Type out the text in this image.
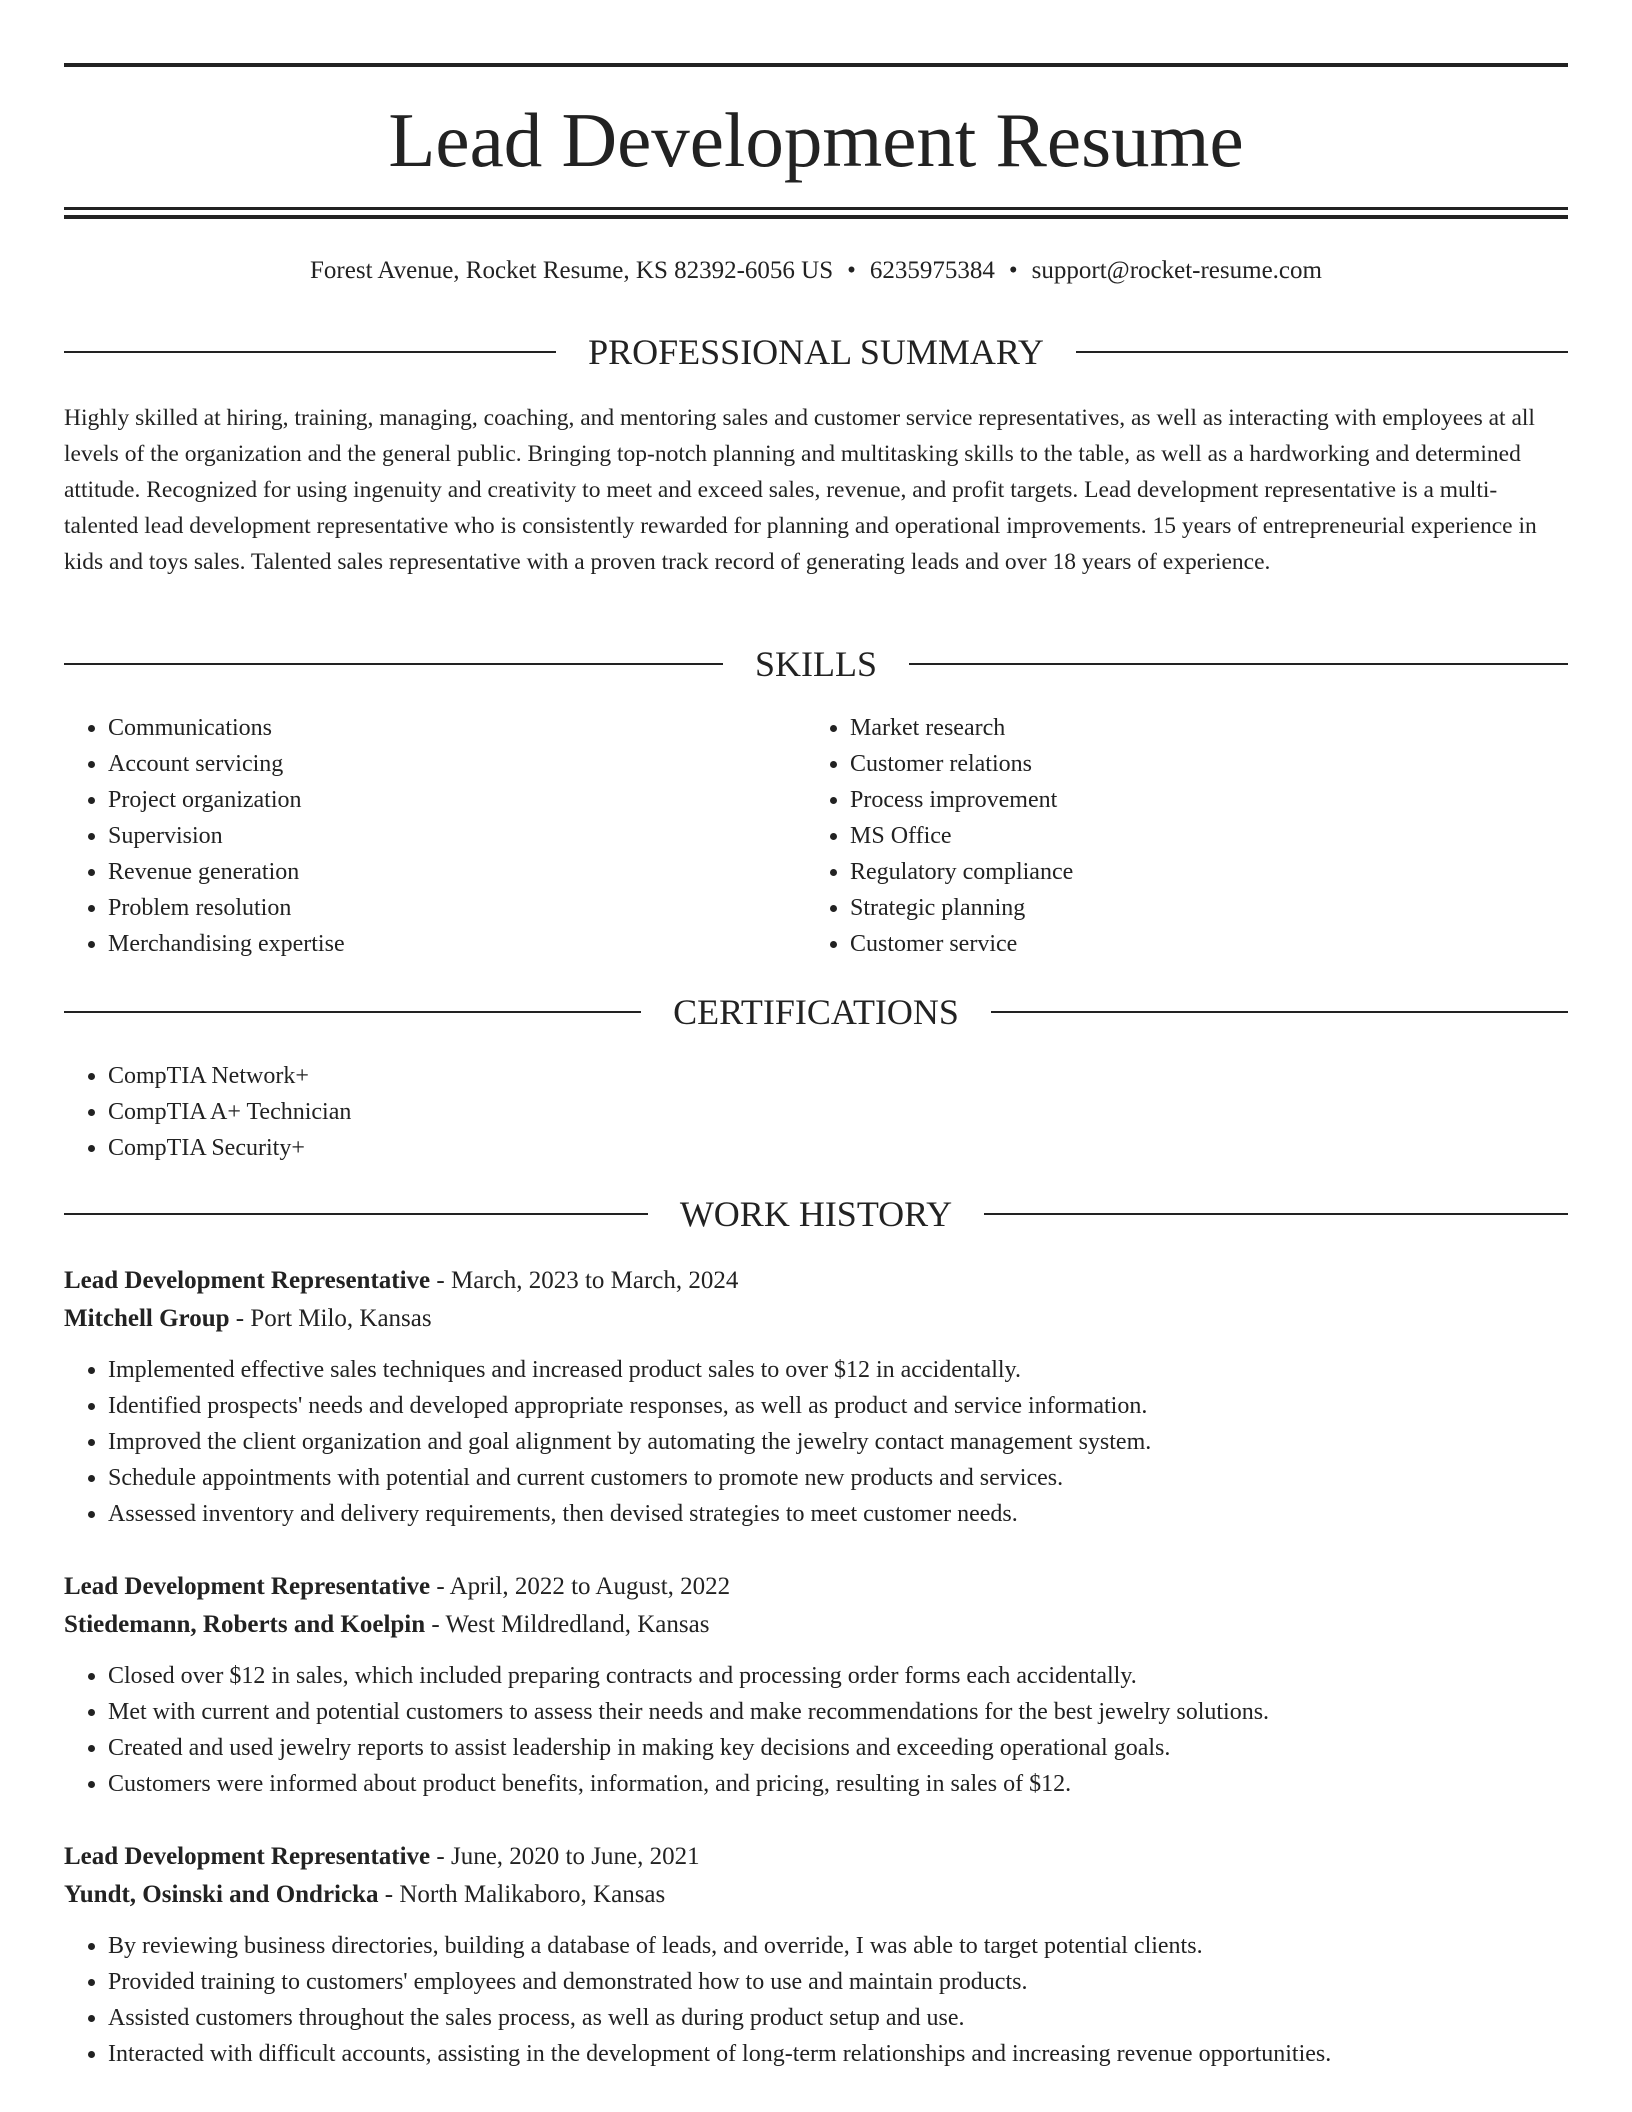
Lead Development Resume
Forest Avenue, Rocket Resume, KS 82392-6056 US • 6235975384 • support@rocket-resume.com
PROFESSIONAL SUMMARY

Highly skilled at hiring, training, managing, coaching, and mentoring sales and customer service representatives, as well as interacting with employees at all levels of the organization and the general public. Bringing top-notch planning and multitasking skills to the table, as well as a hardworking and determined attitude. Recognized for using ingenuity and creativity to meet and exceed sales, revenue, and profit targets. Lead development representative is a multi-talented lead development representative who is consistently rewarded for planning and operational improvements. 15 years of entrepreneurial experience in kids and toys sales. Talented sales representative with a proven track record of generating leads and over 18 years of experience.

SKILLS
• Communications
• Account servicing
• Project organization
• Supervision
• Revenue generation
• Problem resolution
• Merchandising expertise
• Market research
• Customer relations
• Process improvement
• MS Office
• Regulatory compliance
• Strategic planning
• Customer service
CERTIFICATIONS
• CompTIA Network+
• CompTIA A+ Technician
• CompTIA Security+
WORK HISTORY
Lead Development Representative - March, 2023 to March, 2024
Mitchell Group - Port Milo, Kansas
• Implemented effective sales techniques and increased product sales to over $12 in accidentally.
• Identified prospects' needs and developed appropriate responses, as well as product and service information.
• Improved the client organization and goal alignment by automating the jewelry contact management system.
• Schedule appointments with potential and current customers to promote new products and services.
• Assessed inventory and delivery requirements, then devised strategies to meet customer needs.
Lead Development Representative - April, 2022 to August, 2022
Stiedemann, Roberts and Koelpin - West Mildredland, Kansas
• Closed over $12 in sales, which included preparing contracts and processing order forms each accidentally.
• Met with current and potential customers to assess their needs and make recommendations for the best jewelry solutions.
• Created and used jewelry reports to assist leadership in making key decisions and exceeding operational goals.
• Customers were informed about product benefits, information, and pricing, resulting in sales of $12.
Lead Development Representative - June, 2020 to June, 2021
Yundt, Osinski and Ondricka - North Malikaboro, Kansas
• By reviewing business directories, building a database of leads, and override, I was able to target potential clients.
• Provided training to customers' employees and demonstrated how to use and maintain products.
• Assisted customers throughout the sales process, as well as during product setup and use.
• Interacted with difficult accounts, assisting in the development of long-term relationships and increasing revenue opportunities.
